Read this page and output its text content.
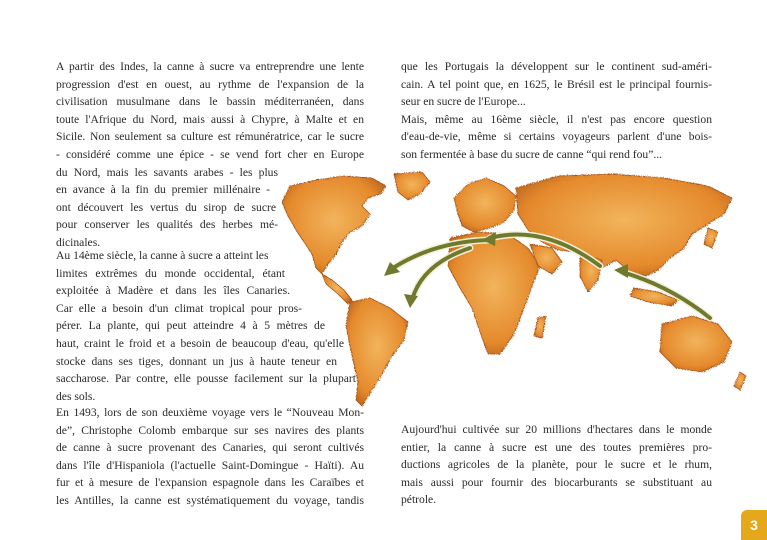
A partir des Indes, la canne à sucre va entreprendre une lente
progression d'est en ouest, au rythme de l'expansion de la
civilisation musulmane dans le bassin méditerranéen, dans
toute l'Afrique du Nord, mais aussi à Chypre, à Malte et en
Sicile. Non seulement sa culture est rémunératrice, car le sucre
- considéré comme une épice - se vend fort cher en Europe
du Nord, mais les savants arabes - les plus
en avance à la fin du premier millénaire -
ont découvert les vertus du sirop de sucre
pour conserver les qualités des herbes mé-
dicinales.
Au 14ème siècle, la canne à sucre a atteint les
limites extrêmes du monde occidental, étant
exploitée à Madère et dans les îles Canaries.
Car elle a besoin d'un climat tropical pour pros-
pérer. La plante, qui peut atteindre 4 à 5 mètres de
haut, craint le froid et a besoin de beaucoup d'eau, qu'elle
stocke dans ses tiges, donnant un jus à haute teneur en
saccharose. Par contre, elle pousse facilement sur la plupart
des sols.
En 1493, lors de son deuxième voyage vers le “Nouveau Mon-
de”, Christophe Colomb embarque sur ses navires des plants
de canne à sucre provenant des Canaries, qui seront cultivés
dans l'île d'Hispaniola (l'actuelle Saint-Domingue - Haïti). Au
fur et à mesure de l'expansion espagnole dans les Caraïbes et
les Antilles, la canne est systématiquement du voyage, tandis
que les Portugais la développent sur le continent sud-améri-
cain. A tel point que, en 1625, le Brésil est le principal fournis-
seur en sucre de l'Europe...
Mais, même au 16ème siècle, il n'est pas encore question
d'eau-de-vie, même si certains voyageurs parlent d'une bois-
son fermentée à base du sucre de canne “qui rend fou”...
Aujourd'hui cultivée sur 20 millions d'hectares dans le monde
entier, la canne à sucre est une des toutes premières pro-
ductions agricoles de la planète, pour le sucre et le rhum,
mais aussi pour fournir des biocarburants se substituant au
pétrole.
3
